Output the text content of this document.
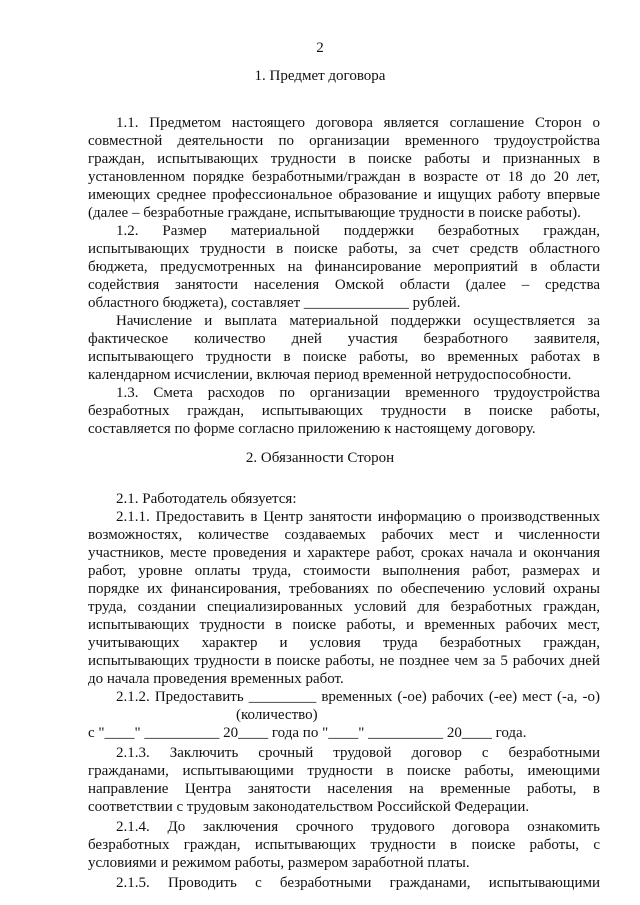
2
1. Предмет договора
1.1. Предметом настоящего договора является соглашение Сторон о
совместной деятельности по организации временного трудоустройства
граждан, испытывающих трудности в поиске работы и признанных в
установленном порядке безработными/граждан в возрасте от 18 до 20 лет,
имеющих среднее профессиональное образование и ищущих работу впервые
(далее – безработные граждане, испытывающие трудности в поиске работы).
1.2. Размер материальной поддержки безработных граждан,
испытывающих трудности в поиске работы, за счет средств областного
бюджета, предусмотренных на финансирование мероприятий в области
содействия занятости населения Омской области (далее – средства
областного бюджета), составляет ______________ рублей.
Начисление и выплата материальной поддержки осуществляется за
фактическое количество дней участия безработного заявителя,
испытывающего трудности в поиске работы, во временных работах в
календарном исчислении, включая период временной нетрудоспособности.
1.3. Смета расходов по организации временного трудоустройства
безработных граждан, испытывающих трудности в поиске работы,
составляется по форме согласно приложению к настоящему договору.
2. Обязанности Сторон
2.1. Работодатель обязуется:
2.1.1. Предоставить в Центр занятости информацию о производственных
возможностях, количестве создаваемых рабочих мест и численности
участников, месте проведения и характере работ, сроках начала и окончания
работ, уровне оплаты труда, стоимости выполнения работ, размерах и
порядке их финансирования, требованиях по обеспечению условий охраны
труда, создании специализированных условий для безработных граждан,
испытывающих трудности в поиске работы, и временных рабочих мест,
учитывающих характер и условия труда безработных граждан,
испытывающих трудности в поиске работы, не позднее чем за 5 рабочих дней
до начала проведения временных работ.
2.1.2. Предоставить _________ временных (-ое) рабочих (-ее) мест (-а, -о)
(количество)
с "____" __________ 20____ года по "____" __________ 20____ года.
2.1.3. Заключить срочный трудовой договор с безработными
гражданами, испытывающими трудности в поиске работы, имеющими
направление Центра занятости населения на временные работы, в
соответствии с трудовым законодательством Российской Федерации.
2.1.4. До заключения срочного трудового договора ознакомить
безработных граждан, испытывающих трудности в поиске работы, с
условиями и режимом работы, размером заработной платы.
2.1.5. Проводить с безработными гражданами, испытывающими
